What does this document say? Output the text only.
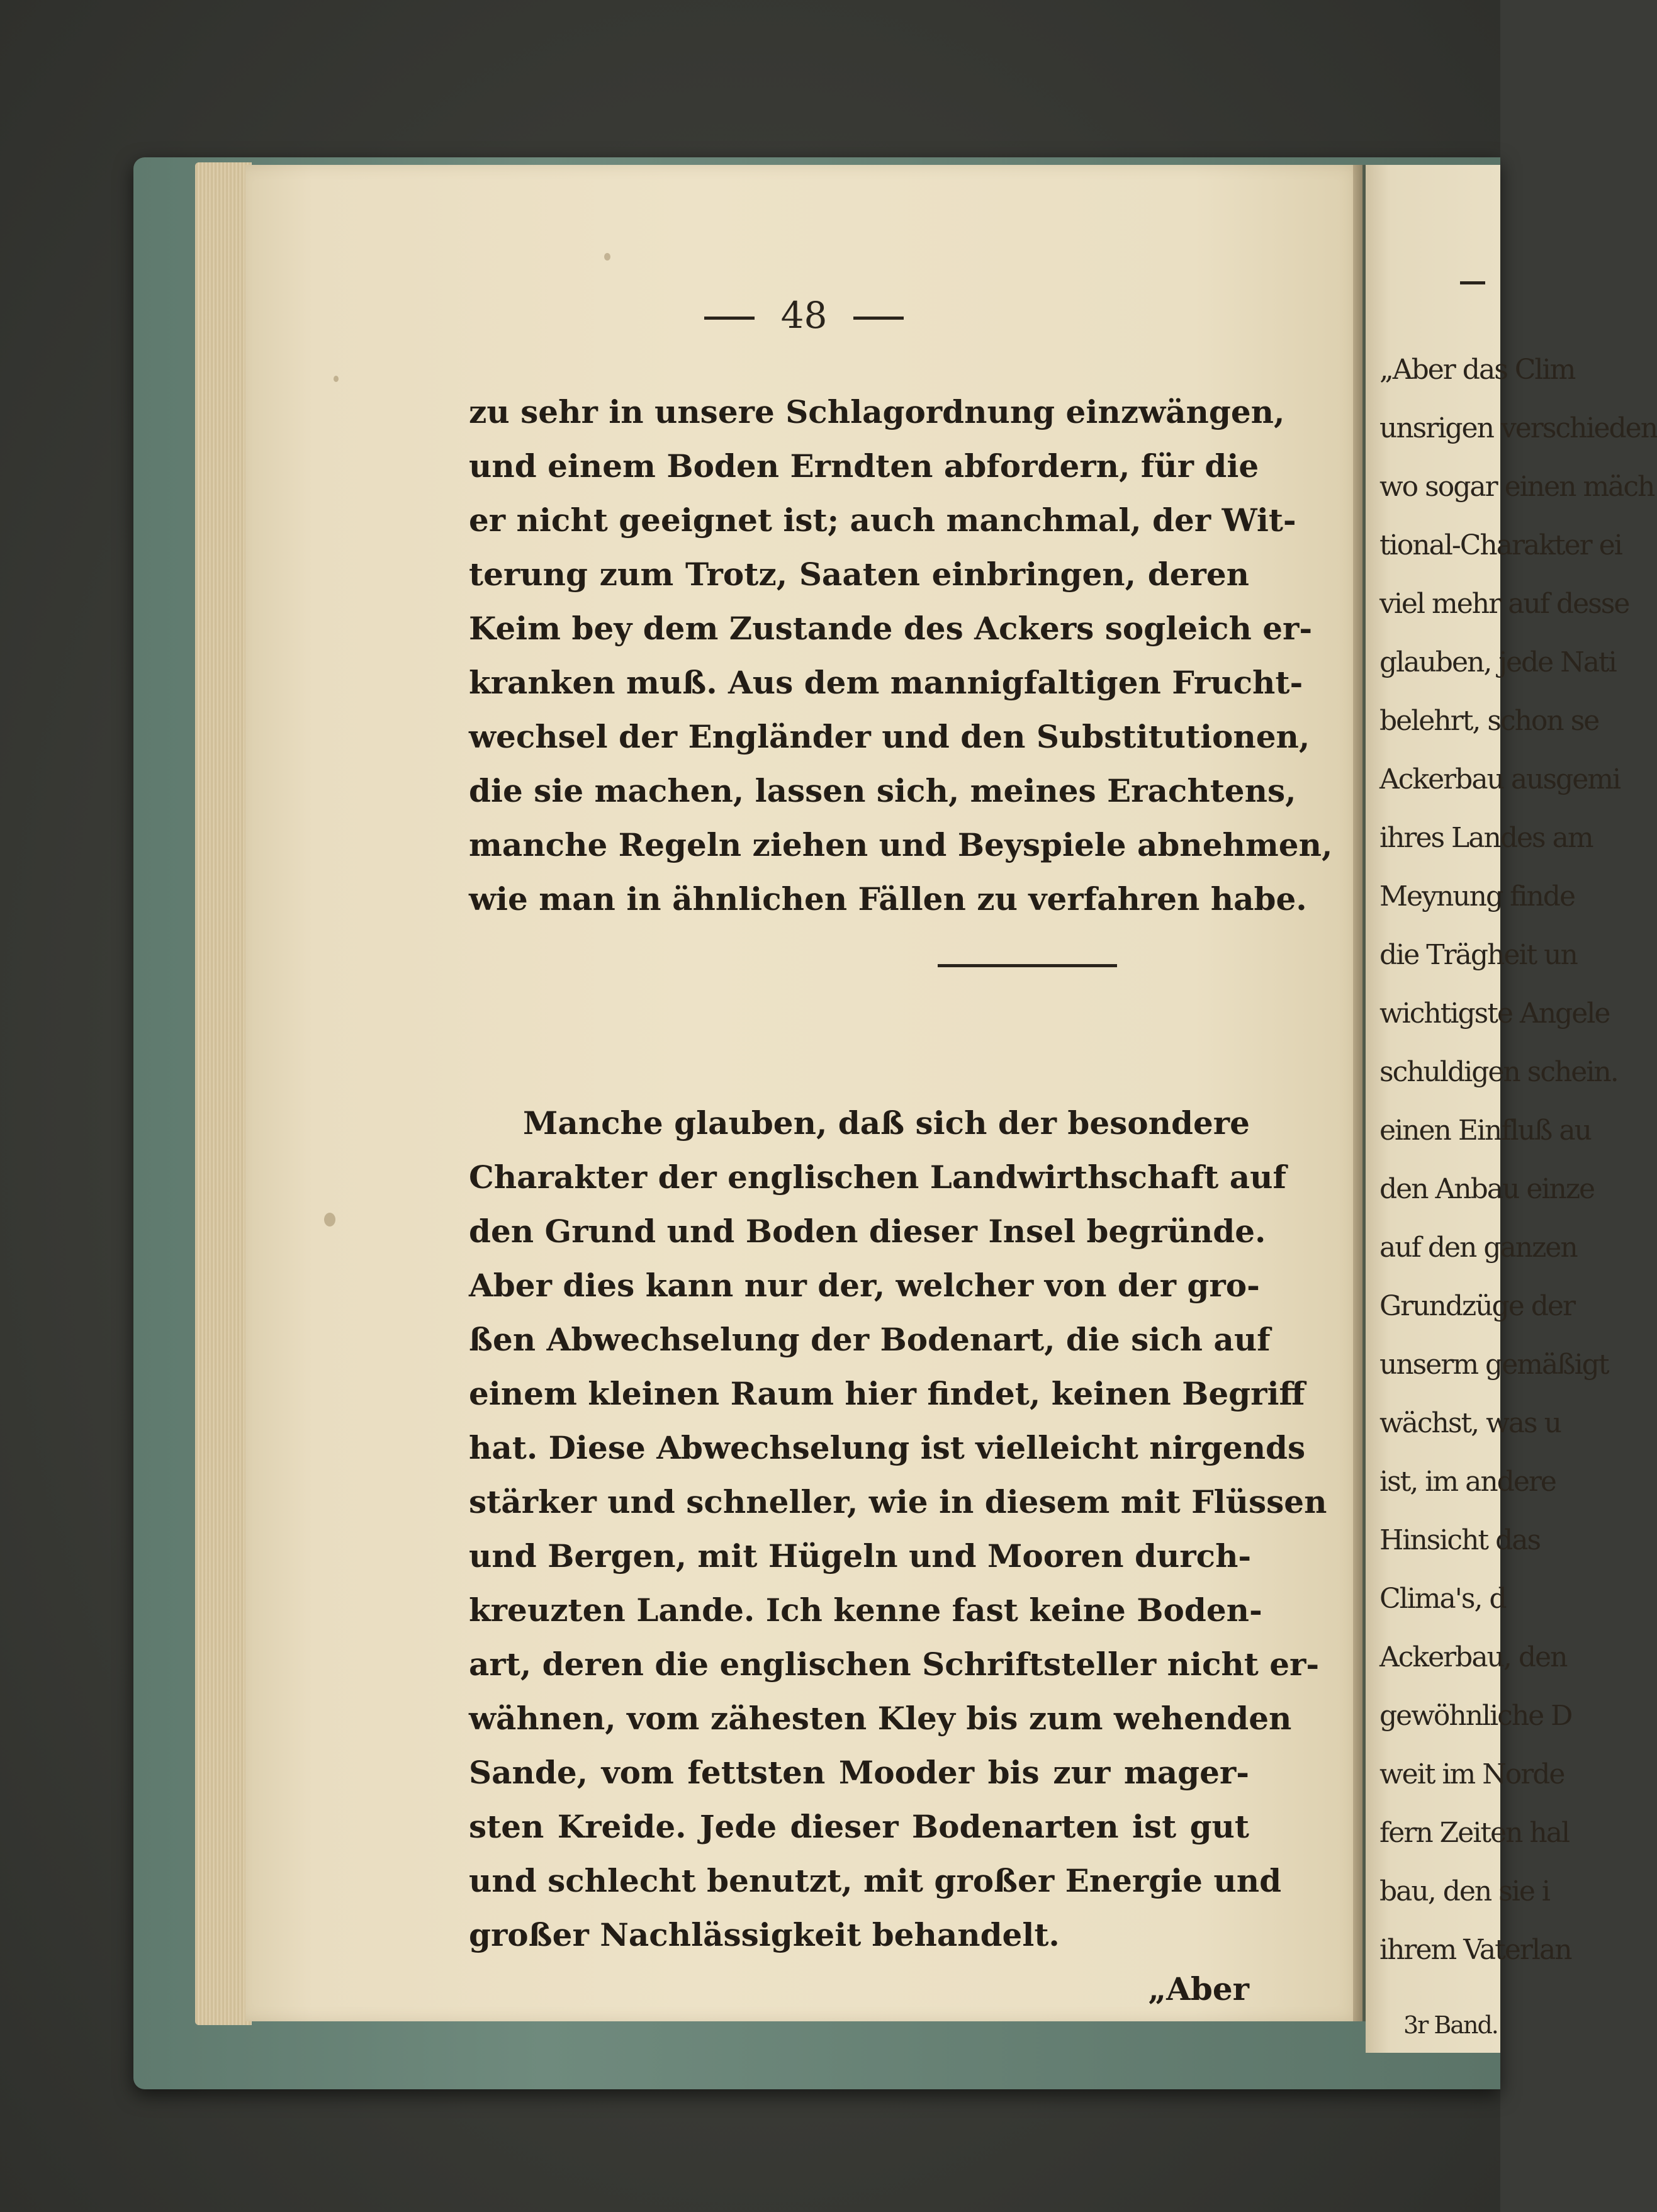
48
zu sehr in unsere Schlagordnung einzwängen,
und einem Boden Erndten abfordern, für die
er nicht geeignet ist; auch manchmal, der Wit-
terung zum Trotz, Saaten einbringen, deren
Keim bey dem Zustande des Ackers sogleich er-
kranken muß. Aus dem mannigfaltigen Frucht-
wechsel der Engländer und den Substitutionen,
die sie machen, lassen sich, meines Erachtens,
manche Regeln ziehen und Beyspiele abnehmen,
wie man in ähnlichen Fällen zu verfahren habe.
Manche glauben, daß sich der besondere
Charakter der englischen Landwirthschaft auf
den Grund und Boden dieser Insel begründe.
Aber dies kann nur der, welcher von der gro-
ßen Abwechselung der Bodenart, die sich auf
einem kleinen Raum hier findet, keinen Begriff
hat. Diese Abwechselung ist vielleicht nirgends
stärker und schneller, wie in diesem mit Flüssen
und Bergen, mit Hügeln und Mooren durch-
kreuzten Lande. Ich kenne fast keine Boden-
art, deren die englischen Schriftsteller nicht er-
wähnen, vom zähesten Kley bis zum wehenden
Sande, vom fettsten Mooder bis zur mager-
sten Kreide. Jede dieser Bodenarten ist gut
und schlecht benutzt, mit großer Energie und
großer Nachlässigkeit behandelt.
„Aber
„Aber das Clim
unsrigen verschieden
wo sogar einen mäch
tional-Charakter ei
viel mehr auf desse
glauben, jede Nati
belehrt, schon se
Ackerbau ausgemi
ihres Landes am
Meynung finde
die Trägheit un
wichtigste Angele
schuldigen schein.
einen Einfluß au
den Anbau einze
auf den ganzen
Grundzüge der
unserm gemäßigt
wächst, was u
ist, im andere
Hinsicht das
Clima's, d
Ackerbau, den
gewöhnliche D
weit im Norde
fern Zeiten hal
bau, den sie i
ihrem Vaterlan
3r Band.
